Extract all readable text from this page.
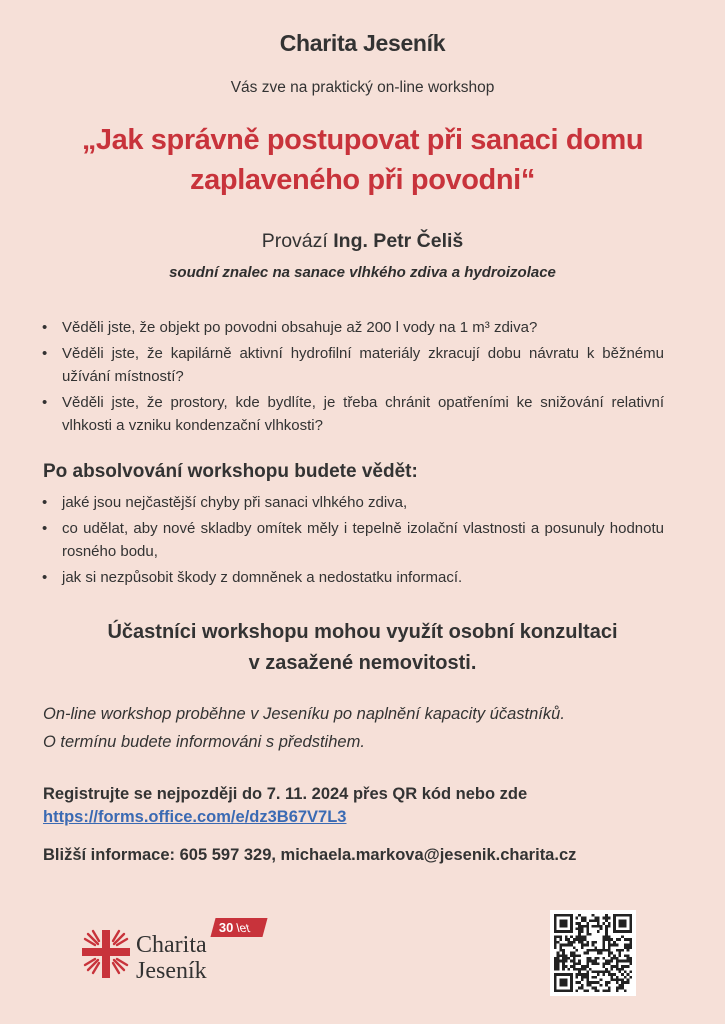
Charita Jeseník
Vás zve na praktický on-line workshop
„Jak správně postupovat při sanaci domu
zaplaveného při povodni“
Provází Ing. Petr Čeliš
soudní znalec na sanace vlhkého zdiva a hydroizolace
• Věděli jste, že objekt po povodni obsahuje až 200 l vody na 1 m³ zdiva?
• Věděli jste, že kapilárně aktivní hydrofilní materiály zkracují dobu návratu k běžnému užívání místností?
• Věděli jste, že prostory, kde bydlíte, je třeba chránit opatřeními ke snižování relativní vlhkosti a vzniku kondenzační vlhkosti?
Po absolvování workshopu budete vědět:
• jaké jsou nejčastější chyby při sanaci vlhkého zdiva,
• co udělat, aby nové skladby omítek měly i tepelně izolační vlastnosti a posunuly hodnotu rosného bodu,
• jak si nezpůsobit škody z domněnek a nedostatku informací.
Účastníci workshopu mohou využít osobní konzultaci
v zasažené nemovitosti.
On-line workshop proběhne v Jeseníku po naplnění kapacity účastníků.
O termínu budete informováni s předstihem.
Registrujte se nejpozději do 7. 11. 2024 přes QR kód nebo zde
https://forms.office.com/e/dz3B67V7L3
Bližší informace: 605 597 329, michaela.markova@jesenik.charita.cz
Charita
Jeseník
30 let
